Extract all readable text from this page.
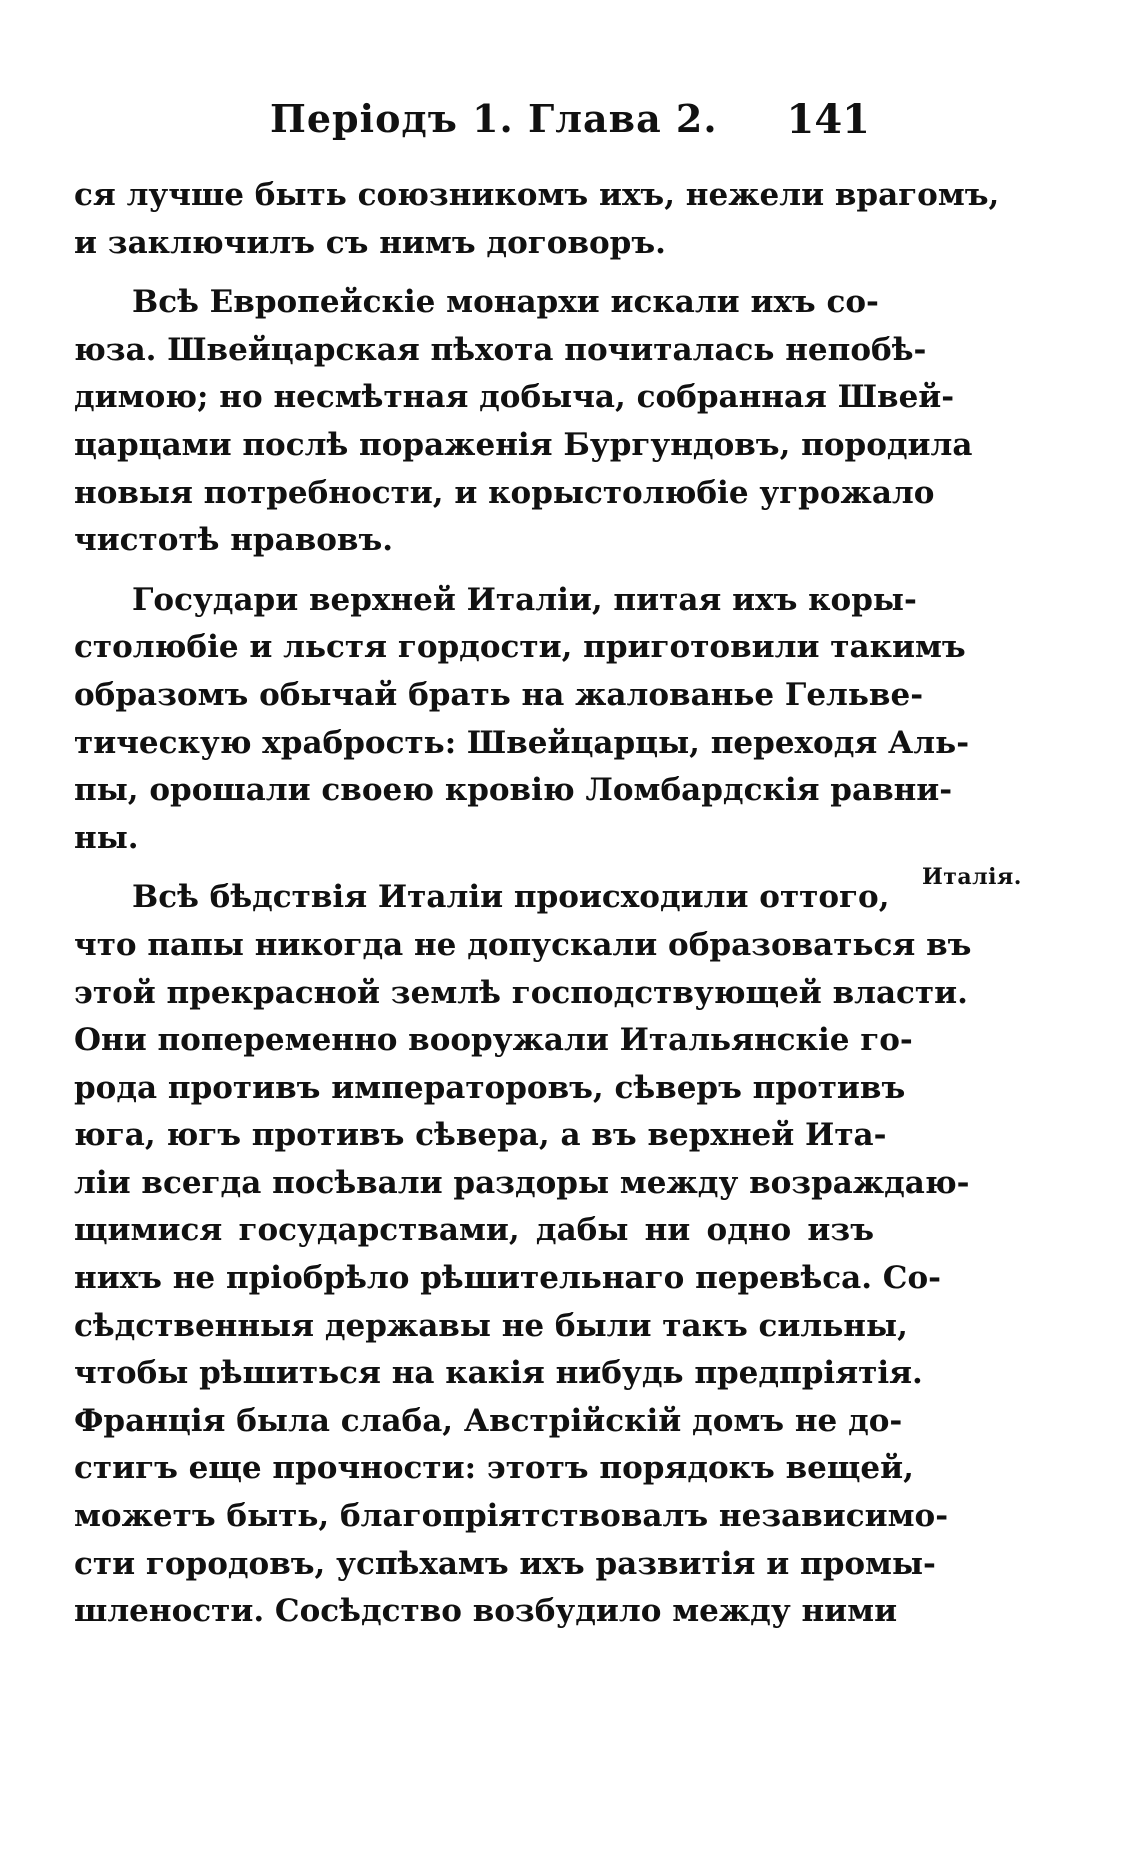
Періодъ 1. Глава 2. 141
ся лучше быть союзникомъ ихъ, нежели врагомъ,
и заключилъ съ нимъ договоръ.
Всѣ Европейскіе монархи искали ихъ со-
юза. Швейцарская пѣхота почиталась непобѣ-
димою; но несмѣтная добыча, собранная Швей-
царцами послѣ пораженія Бургундовъ, породила
новыя потребности, и корыстолюбіе угрожало
чистотѣ нравовъ.
Государи верхней Италіи, питая ихъ коры-
столюбіе и льстя гордости, приготовили такимъ
образомъ обычай брать на жалованье Гельве-
тическую храбрость: Швейцарцы, переходя Аль-
пы, орошали своею кровію Ломбардскія равни-
ны.
Всѣ бѣдствія Италіи происходили оттого,
что папы никогда не допускали образоваться въ
этой прекрасной землѣ господствующей власти.
Они попеременно вооружали Итальянскіе го-
рода противъ императоровъ, сѣверъ противъ
юга, югъ противъ сѣвера, а въ верхней Ита-
ліи всегда посѣвали раздоры между возраждаю-
щимися государствами, дабы ни одно изъ
нихъ не пріобрѣло рѣшительнаго перевѣса. Со-
сѣдственныя державы не были такъ сильны,
чтобы рѣшиться на какія нибудь предпріятія.
Францiя была слаба, Австрійскій домъ не до-
стигъ еще прочности: этотъ порядокъ вещей,
можетъ быть, благопріятствовалъ независимо-
сти городовъ, успѣхамъ ихъ развитія и промы-
шлености. Сосѣдство возбудило между ними
Италія.
